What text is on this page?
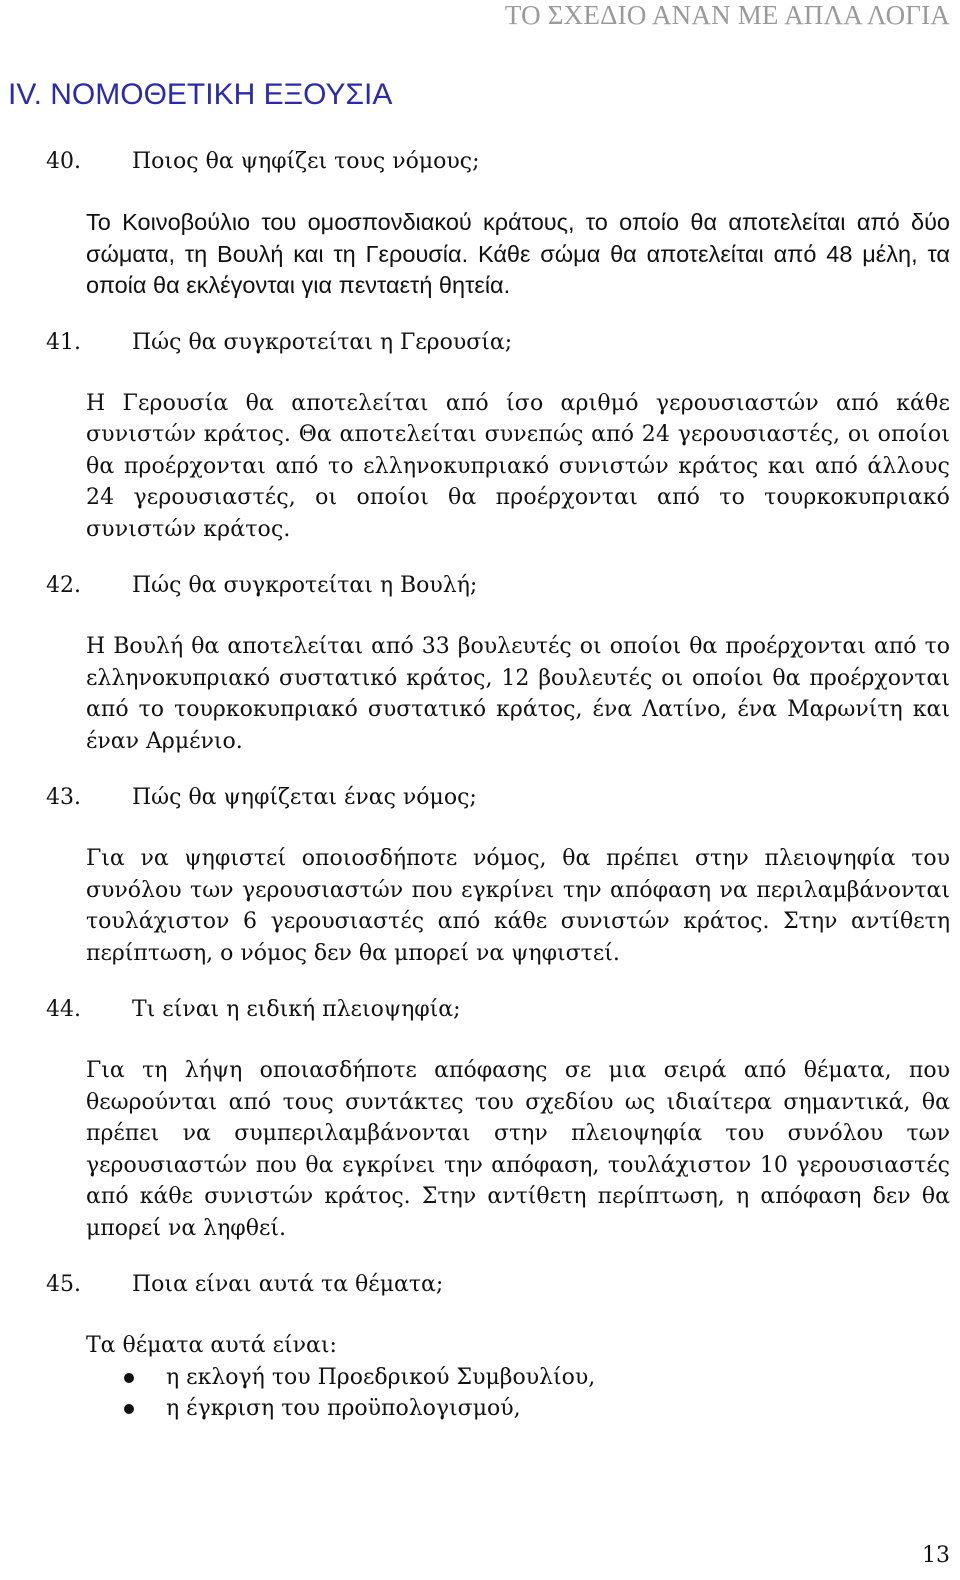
ΤΟ ΣΧΕΔΙΟ ΑΝΑΝ ΜΕ ΑΠΛΑ ΛΟΓΙΑ
IV. ΝΟΜΟΘΕΤΙΚΗ ΕΞΟΥΣΙΑ
40. Ποιος θα ψηφίζει τους νόμους;
Το Κοινοβούλιο του ομοσπονδιακού κράτους, το οποίο θα αποτελείται από δύο σώματα, τη Βουλή και τη Γερουσία. Κάθε σώμα θα αποτελείται από 48 μέλη, τα οποία θα εκλέγονται για πενταετή θητεία.
41. Πώς θα συγκροτείται η Γερουσία;
Η Γερουσία θα αποτελείται από ίσο αριθμό γερουσιαστών από κάθε συνιστών κράτος. Θα αποτελείται συνεπώς από 24 γερουσιαστές, οι οποίοι θα προέρχονται από το ελληνοκυπριακό συνιστών κράτος και από άλλους 24 γερουσιαστές, οι οποίοι θα προέρχονται από το τουρκοκυπριακό συνιστών κράτος.
42. Πώς θα συγκροτείται η Βουλή;
Η Βουλή θα αποτελείται από 33 βουλευτές οι οποίοι θα προέρχονται από το ελληνοκυπριακό συστατικό κράτος, 12 βουλευτές οι οποίοι θα προέρχονται από το τουρκοκυπριακό συστατικό κράτος, ένα Λατίνο, ένα Μαρωνίτη και έναν Αρμένιο.
43. Πώς θα ψηφίζεται ένας νόμος;
Για να ψηφιστεί οποιοσδήποτε νόμος, θα πρέπει στην πλειοψηφία του συνόλου των γερουσιαστών που εγκρίνει την απόφαση να περιλαμβάνονται τουλάχιστον 6 γερουσιαστές από κάθε συνιστών κράτος. Στην αντίθετη περίπτωση, ο νόμος δεν θα μπορεί να ψηφιστεί.
44. Τι είναι η ειδική πλειοψηφία;
Για τη λήψη οποιασδήποτε απόφασης σε μια σειρά από θέματα, που θεωρούνται από τους συντάκτες του σχεδίου ως ιδιαίτερα σημαντικά, θα πρέπει να συμπεριλαμβάνονται στην πλειοψηφία του συνόλου των γερουσιαστών που θα εγκρίνει την απόφαση, τουλάχιστον 10 γερουσιαστές από κάθε συνιστών κράτος. Στην αντίθετη περίπτωση, η απόφαση δεν θα μπορεί να ληφθεί.
45. Ποια είναι αυτά τα θέματα;
Τα θέματα αυτά είναι:
η εκλογή του Προεδρικού Συμβουλίου,
η έγκριση του προϋπολογισμού,
13
